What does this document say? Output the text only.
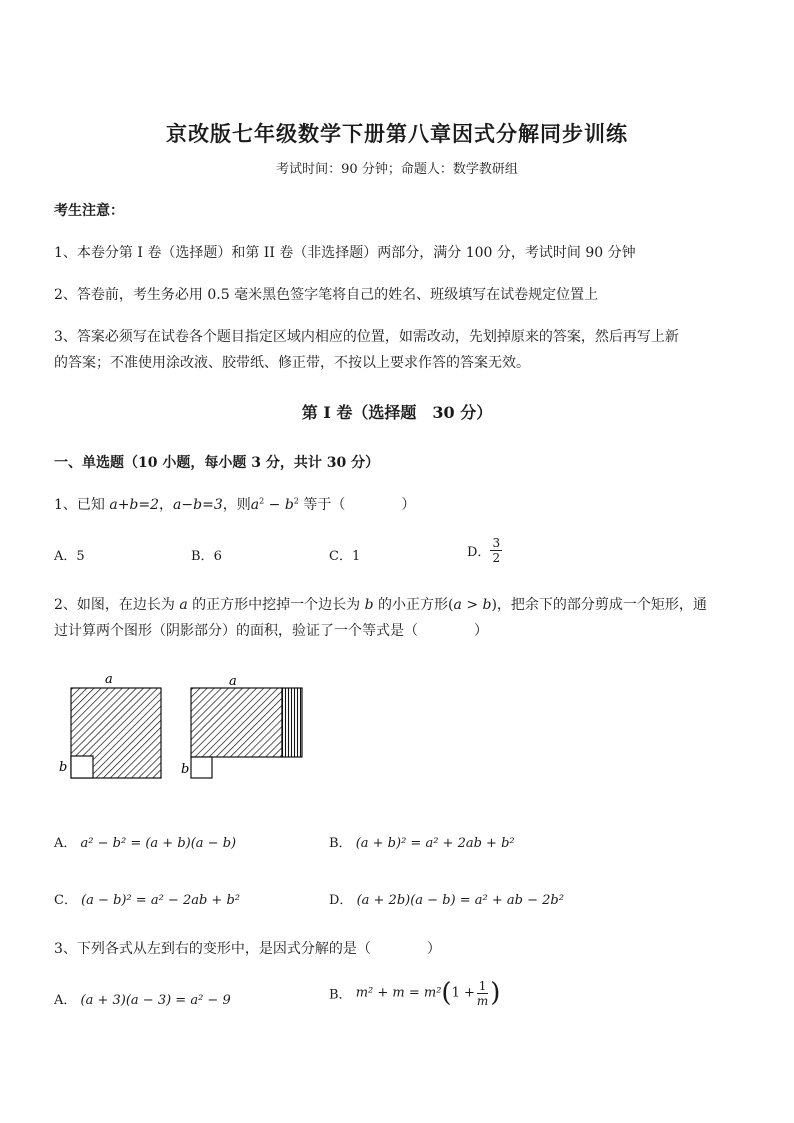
京改版七年级数学下册第八章因式分解同步训练
考试时间：90 分钟；命题人：数学教研组
考生注意：
1、本卷分第 I 卷（选择题）和第 II 卷（非选择题）两部分，满分 100 分，考试时间 90 分钟
2、答卷前，考生务必用 0.5 毫米黑色签字笔将自己的姓名、班级填写在试卷规定位置上
3、答案必须写在试卷各个题目指定区域内相应的位置，如需改动，先划掉原来的答案，然后再写上新
的答案；不准使用涂改液、胶带纸、修正带，不按以上要求作答的答案无效。
第 I 卷（选择题　30 分）
一、单选题（10 小题，每小题 3 分，共计 30 分）
1、已知 a+b=2，a−b=3，则$a^2 - b^2$ 等于（　　　　）
A．5	B．6	C．1	D． $\frac{3}{2}$
2、如图，在边长为 a 的正方形中挖掉一个边长为 b 的小正方形(a > b)，把余下的部分剪成一个矩形，通
过计算两个图形（阴影部分）的面积，验证了一个等式是（　　　　）
a
b
a
b
A． a² − b² = (a + b)(a − b)	B． (a + b)² = a² + 2ab + b²
C． (a − b)² = a² − 2ab + b²	D． (a + 2b)(a − b) = a² + ab − 2b²
3、下列各式从左到右的变形中，是因式分解的是（　　　　）
A． (a + 3)(a − 3) = a² − 9	B． $m^2 + m = m^2(1 + \frac{1}{m}$ )
